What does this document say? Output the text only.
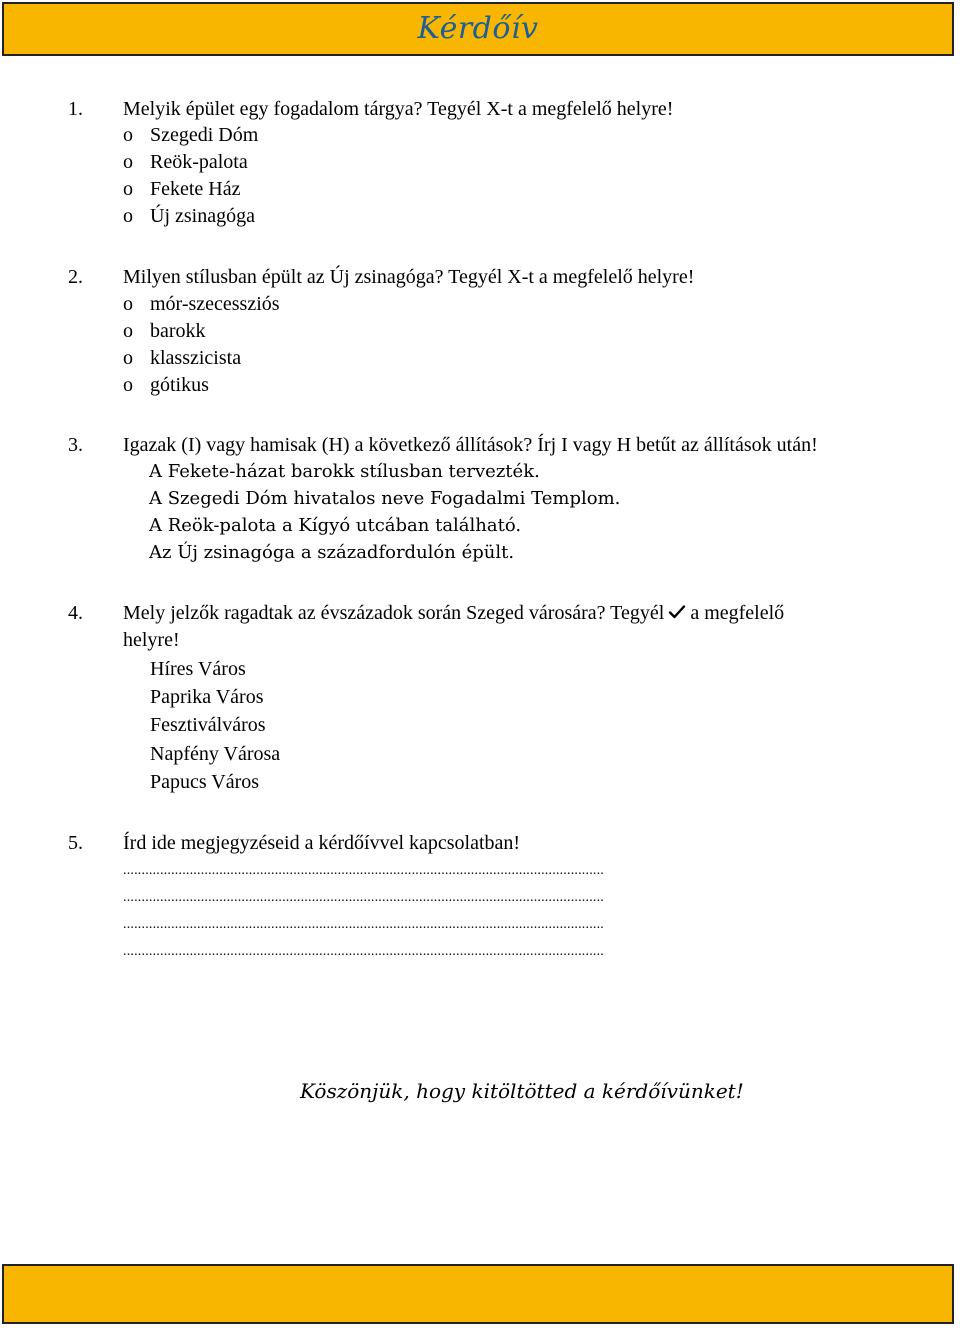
Kérdőív
1. Melyik épület egy fogadalom tárgya? Tegyél X-t a megfelelő helyre!
o Szegedi Dóm
o Reök-palota
o Fekete Ház
o Új zsinagóga
2. Milyen stílusban épült az Új zsinagóga? Tegyél X-t a megfelelő helyre!
o mór-szecessziós
o barokk
o klasszicista
o gótikus
3. Igazak (I) vagy hamisak (H) a következő állítások? Írj I vagy H betűt az állítások után!
A Fekete-házat barokk stílusban tervezték.
A Szegedi Dóm hivatalos neve Fogadalmi Templom.
A Reök-palota a Kígyó utcában található.
Az Új zsinagóga a századfordulón épült.
4. Mely jelzők ragadtak az évszázadok során Szeged városára? Tegyél a megfelelő
helyre!
Híres Város
Paprika Város
Fesztiválváros
Napfény Városa
Papucs Város
5. Írd ide megjegyzéseid a kérdőívvel kapcsolatban!
..................................................................................................................................
..................................................................................................................................
..................................................................................................................................
..................................................................................................................................
Köszönjük, hogy kitöltötted a kérdőívünket!
